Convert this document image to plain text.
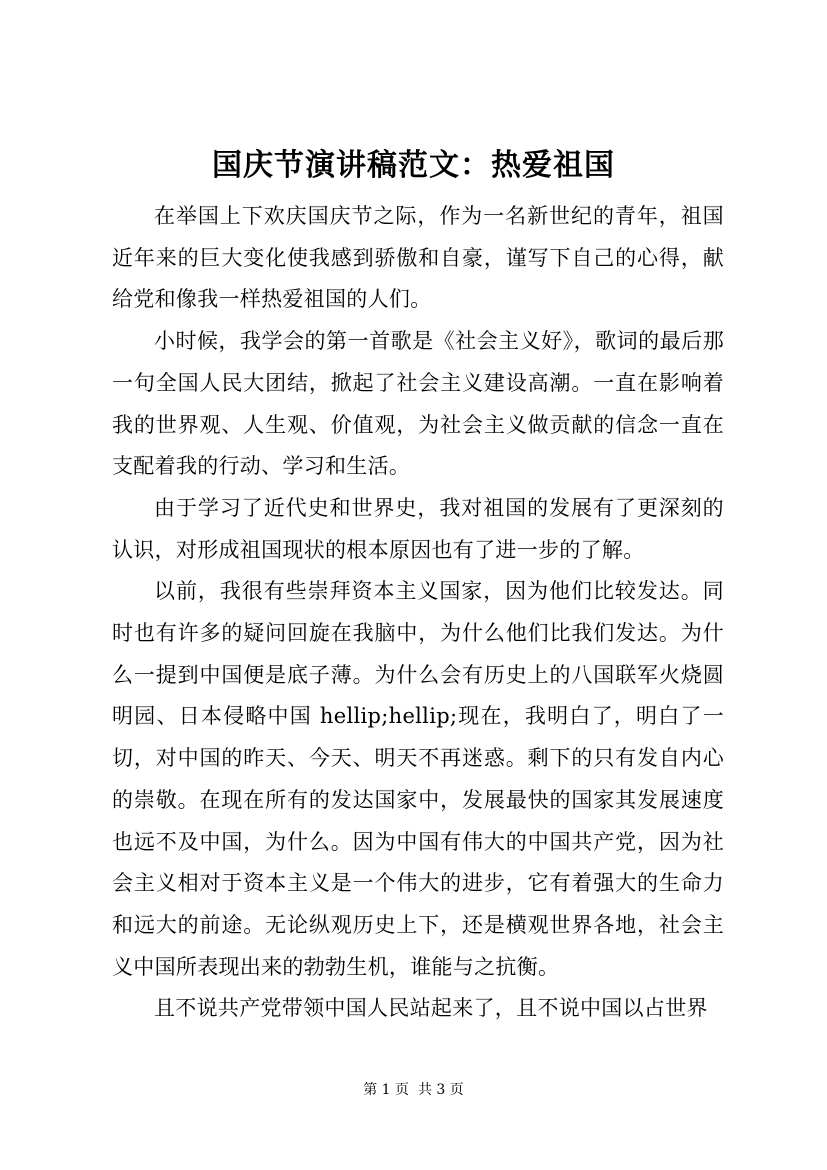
国庆节演讲稿范文：热爱祖国

在举国上下欢庆国庆节之际，作为一名新世纪的青年，祖国近年来的巨大变化使我感到骄傲和自豪，谨写下自己的心得，献给党和像我一样热爱祖国的人们。

小时候，我学会的第一首歌是《社会主义好》，歌词的最后那一句全国人民大团结，掀起了社会主义建设高潮。一直在影响着我的世界观、人生观、价值观，为社会主义做贡献的信念一直在支配着我的行动、学习和生活。

由于学习了近代史和世界史，我对祖国的发展有了更深刻的认识，对形成祖国现状的根本原因也有了进一步的了解。

以前，我很有些崇拜资本主义国家，因为他们比较发达。同时也有许多的疑问回旋在我脑中，为什么他们比我们发达。为什么一提到中国便是底子薄。为什么会有历史上的八国联军火烧圆明园、日本侵略中国 hellip;hellip;现在，我明白了，明白了一切，对中国的昨天、今天、明天不再迷惑。剩下的只有发自内心的崇敬。在现在所有的发达国家中，发展最快的国家其发展速度也远不及中国，为什么。因为中国有伟大的中国共产党，因为社会主义相对于资本主义是一个伟大的进步，它有着强大的生命力和远大的前途。无论纵观历史上下，还是横观世界各地，社会主义中国所表现出来的勃勃生机，谁能与之抗衡。

且不说共产党带领中国人民站起来了，且不说中国以占世界

第 1 页  共 3 页
